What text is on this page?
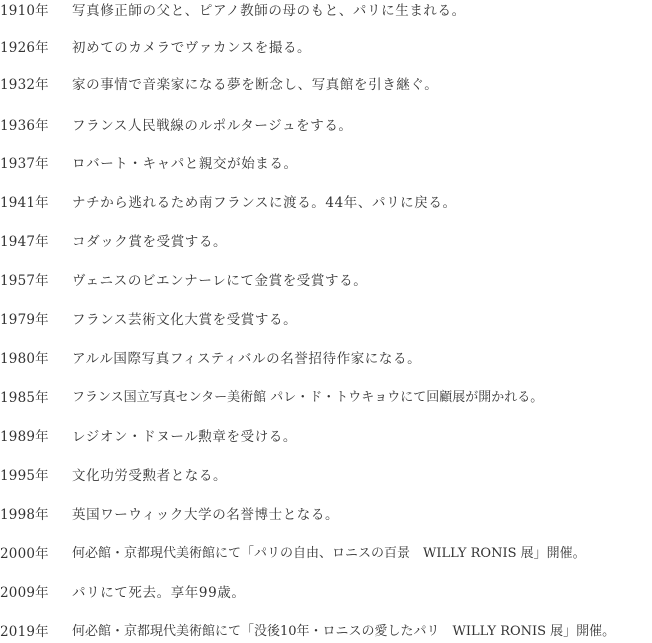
1910年	写真修正師の父と、ピアノ教師の母のもと、パリに生まれる。
1926年	初めてのカメラでヴァカンスを撮る。
1932年	家の事情で音楽家になる夢を断念し、写真館を引き継ぐ。
1936年	フランス人民戦線のルポルタージュをする。
1937年	ロバート・キャパと親交が始まる。
1941年	ナチから逃れるため南フランスに渡る。44年、パリに戻る。
1947年	コダック賞を受賞する。
1957年	ヴェニスのビエンナーレにて金賞を受賞する。
1979年	フランス芸術文化大賞を受賞する。
1980年	アルル国際写真フィスティバルの名誉招待作家になる。
1985年	フランス国立写真センター美術館 パレ・ド・トウキョウにて回顧展が開かれる。
1989年	レジオン・ドヌール勲章を受ける。
1995年	文化功労受勲者となる。
1998年	英国ワーウィック大学の名誉博士となる。
2000年	何必館・京都現代美術館にて「パリの自由、ロニスの百景　WILLY RONIS 展」開催。
2009年	パリにて死去。享年99歳。
2019年	何必館・京都現代美術館にて「没後10年・ロニスの愛したパリ　WILLY RONIS 展」開催。
